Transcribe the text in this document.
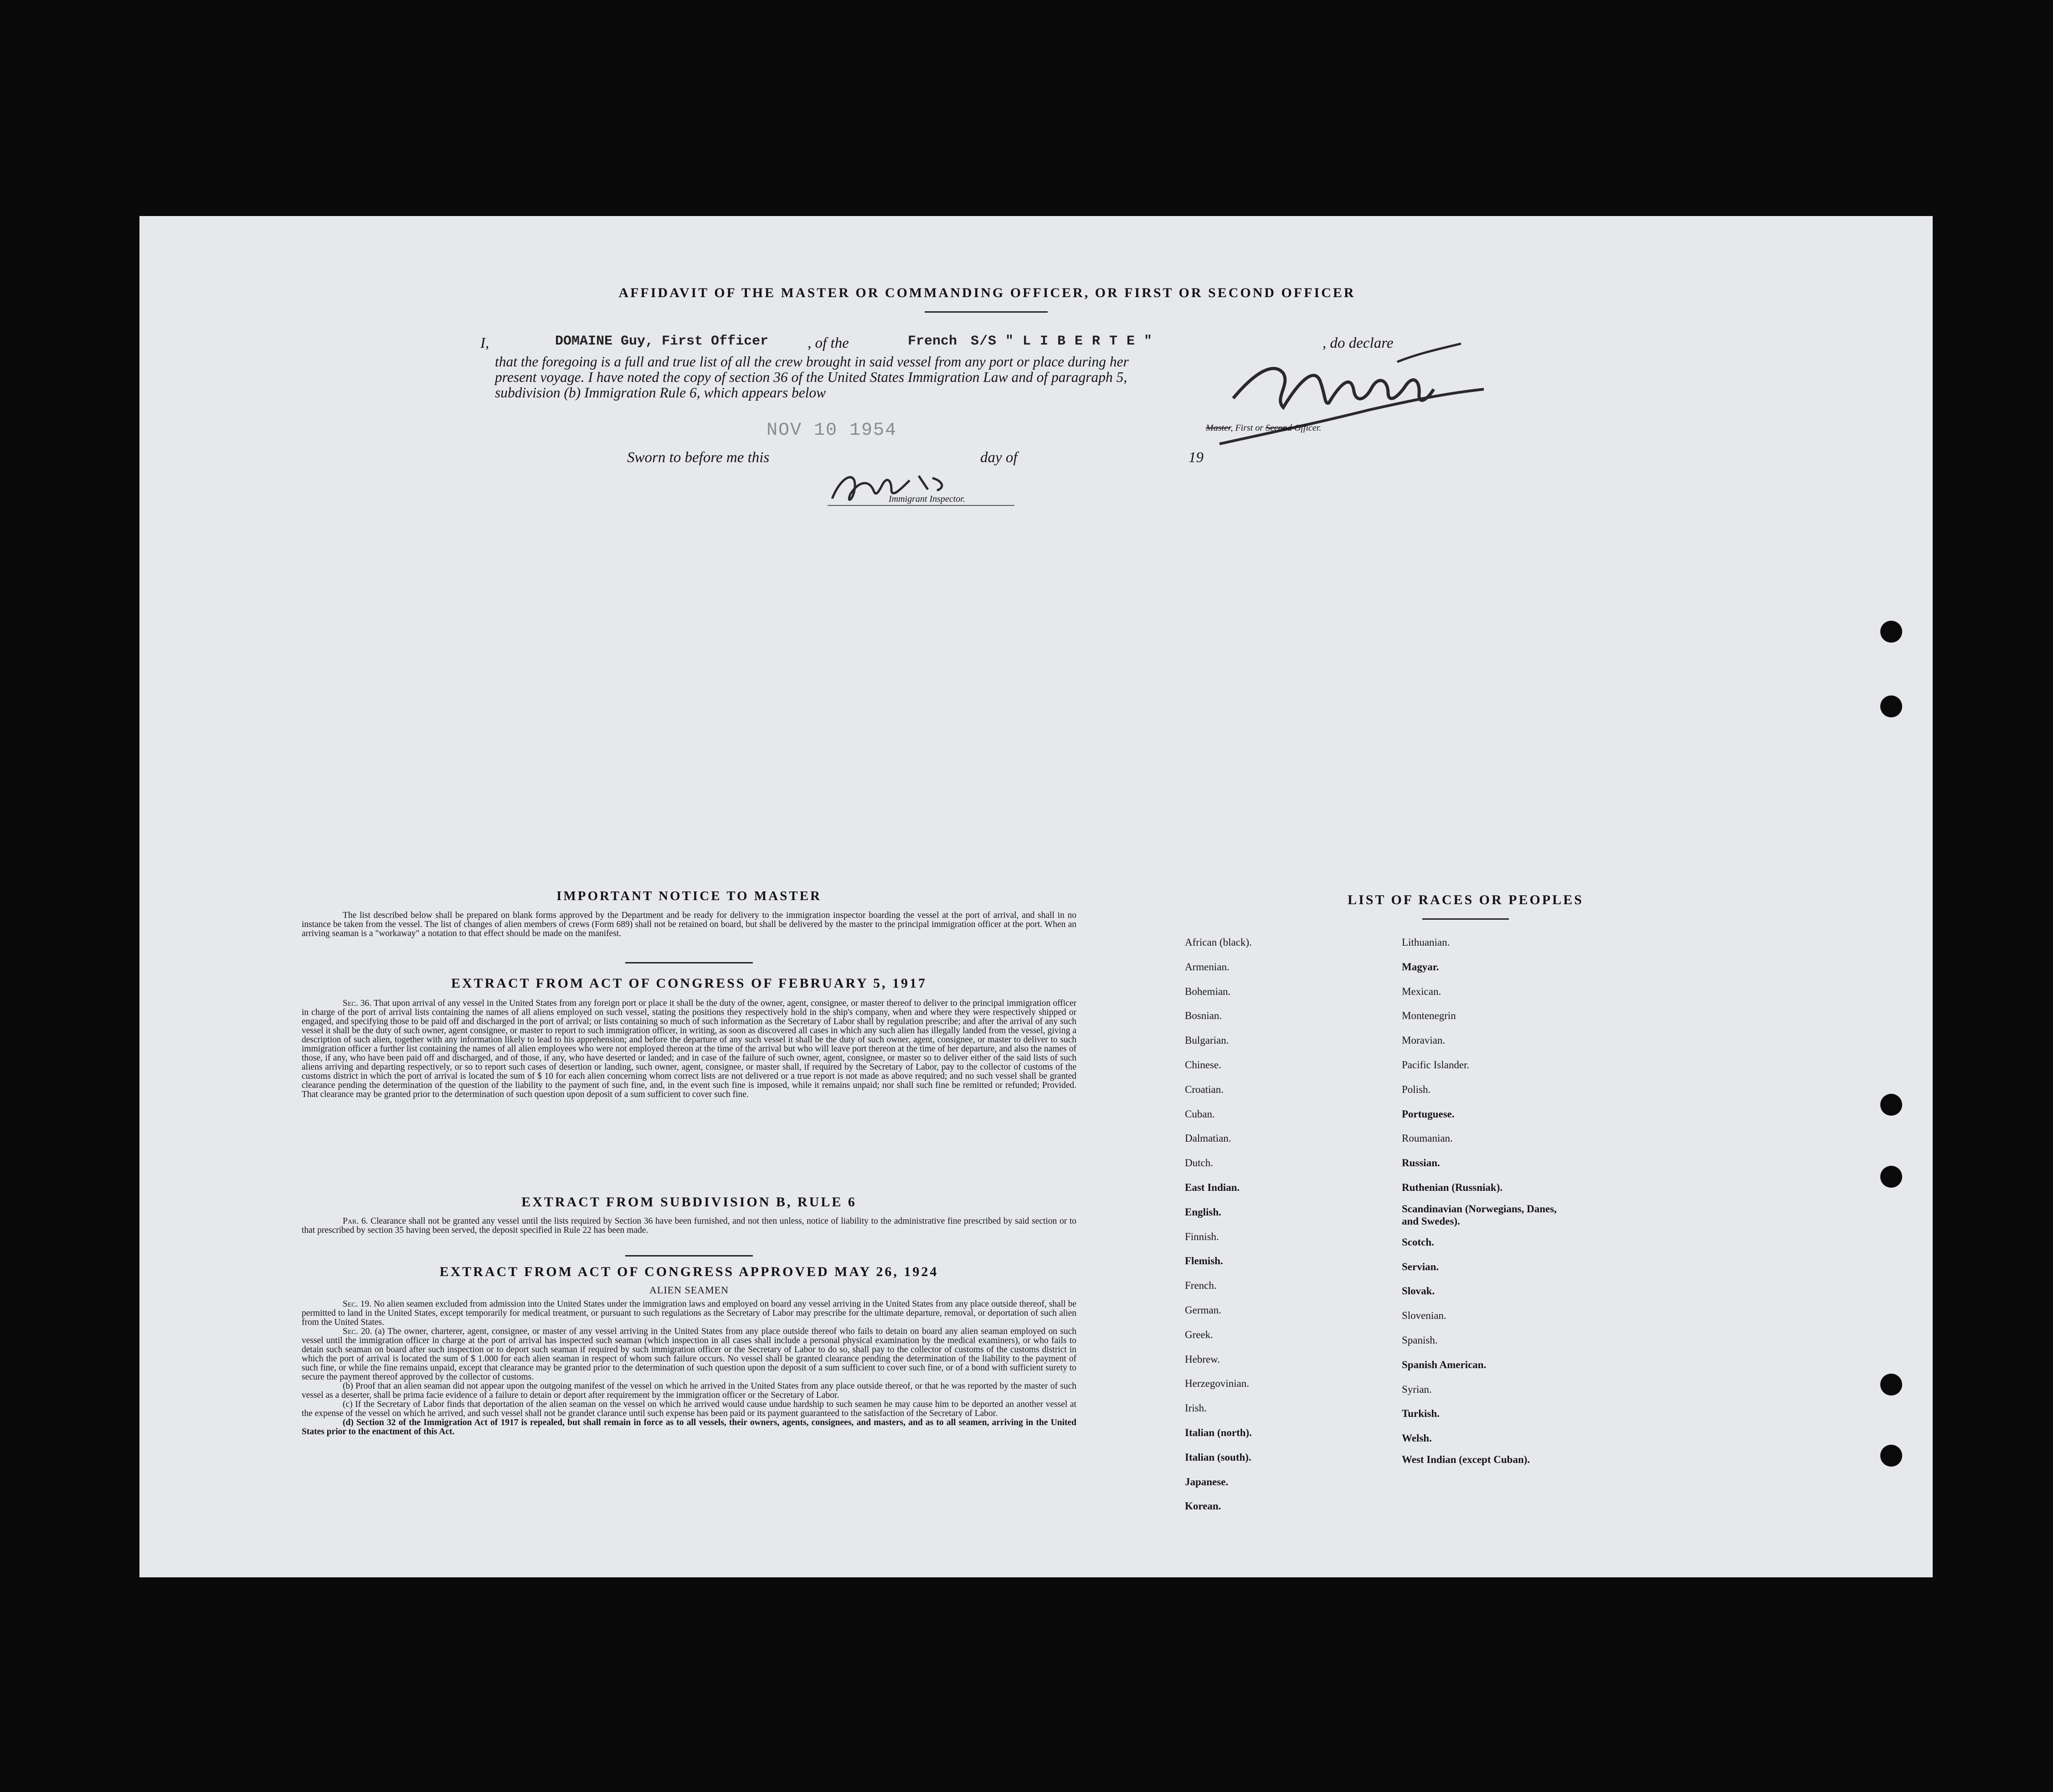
AFFIDAVIT OF THE MASTER OR COMMANDING OFFICER, OR FIRST OR SECOND OFFICER
I,	DOMAINE Guy, First Officer	, of the	French S/S " L I B E R T E "	, do declare
that the foregoing is a full and true list of all the crew brought in said vessel from any port or place during her
present voyage. I have noted the copy of section 36 of the United States Immigration Law and of paragraph 5,
subdivision (b) Immigration Rule 6, which appears below
Master, First or Second Officer.
NOV 10 1954
Sworn to before me this	day of	19
Immigrant Inspector.
IMPORTANT NOTICE TO MASTER

The list described below shall be prepared on blank forms approved by the Department and be ready for delivery to the immigration inspector boarding the vessel at the port of arrival, and shall in no instance be taken from the vessel. The list of changes of alien members of crews (Form 689) shall not be retained on board, but shall be delivered by the master to the principal immigration officer at the port. When an arriving seaman is a "workaway" a notation to that effect should be made on the manifest.

EXTRACT FROM ACT OF CONGRESS OF FEBRUARY 5, 1917

Sec. 36. That upon arrival of any vessel in the United States from any foreign port or place it shall be the duty of the owner, agent, consignee, or master thereof to deliver to the principal immigration officer in charge of the port of arrival lists containing the names of all aliens employed on such vessel, stating the positions they respectively hold in the ship's company, when and where they were respectively shipped or engaged, and specifying those to be paid off and discharged in the port of arrival; or lists containing so much of such information as the Secretary of Labor shall by regulation prescribe; and after the arrival of any such vessel it shall be the duty of such owner, agent consignee, or master to report to such immigration officer, in writing, as soon as discovered all cases in which any such alien has illegally landed from the vessel, giving a description of such alien, together with any information likely to lead to his apprehension; and before the departure of any such vessel it shall be the duty of such owner, agent, consignee, or master to deliver to such immigration officer a further list containing the names of all alien employees who were not employed thereon at the time of the arrival but who will leave port thereon at the time of her departure, and also the names of those, if any, who have been paid off and discharged, and of those, if any, who have deserted or landed; and in case of the failure of such owner, agent, consignee, or master so to deliver either of the said lists of such aliens arriving and departing respectively, or so to report such cases of desertion or landing, such owner, agent, consignee, or master shall, if required by the Secretary of Labor, pay to the collector of customs of the customs district in which the port of arrival is located the sum of $ 10 for each alien concerning whom correct lists are not delivered or a true report is not made as above required; and no such vessel shall be granted clearance pending the determination of the question of the liability to the payment of such fine, and, in the event such fine is imposed, while it remains unpaid; nor shall such fine be remitted or refunded; Provided. That clearance may be granted prior to the determination of such question upon deposit of a sum sufficient to cover such fine.

EXTRACT FROM SUBDIVISION B, RULE 6

Par. 6. Clearance shall not be granted any vessel until the lists required by Section 36 have been furnished, and not then unless, notice of liability to the administrative fine prescribed by said section or to that prescribed by section 35 having been served, the deposit specified in Rule 22 has been made.

EXTRACT FROM ACT OF CONGRESS APPROVED MAY 26, 1924
ALIEN SEAMEN

Sec. 19. No alien seamen excluded from admission into the United States under the immigration laws and employed on board any vessel arriving in the United States from any place outside thereof, shall be permitted to land in the United States, except temporarily for medical treatment, or pursuant to such regulations as the Secretary of Labor may prescribe for the ultimate departure, removal, or deportation of such alien from the United States.

Sec. 20. (a) The owner, charterer, agent, consignee, or master of any vessel arriving in the United States from any place outside thereof who fails to detain on board any alien seaman employed on such vessel until the immigration officer in charge at the port of arrival has inspected such seaman (which inspection in all cases shall include a personal physical examination by the medical examiners), or who fails to detain such seaman on board after such inspection or to deport such seaman if required by such immigration officer or the Secretary of Labor to do so, shall pay to the collector of customs of the customs district in which the port of arrival is located the sum of $ 1.000 for each alien seaman in respect of whom such failure occurs. No vessel shall be granted clearance pending the determination of the liability to the payment of such fine, or while the fine remains unpaid, except that clearance may be granted prior to the determination of such question upon the deposit of a sum sufficient to cover such fine, or of a bond with sufficient surety to secure the payment thereof approved by the collector of customs.

(b) Proof that an alien seaman did not appear upon the outgoing manifest of the vessel on which he arrived in the United States from any place outside thereof, or that he was reported by the master of such vessel as a deserter, shall be prima facie evidence of a failure to detain or deport after requirement by the immigration officer or the Secretary of Labor.

(c) If the Secretary of Labor finds that deportation of the alien seaman on the vessel on which he arrived would cause undue hardship to such seamen he may cause him to be deported an another vessel at the expense of the vessel on which he arrived, and such vessel shall not be grandet clarance until such expense has been paid or its payment guaranteed to the satisfaction of the Secretary of Labor.

(d) Section 32 of the Immigration Act of 1917 is repealed, but shall remain in force as to all vessels, their owners, agents, consignees, and masters, and as to all seamen, arriving in the United States prior to the enactment of this Act.

LIST OF RACES OR PEOPLES
African (black).
Armenian.
Bohemian.
Bosnian.
Bulgarian.
Chinese.
Croatian.
Cuban.
Dalmatian.
Dutch.
East Indian.
English.
Finnish.
Flemish.
French.
German.
Greek.
Hebrew.
Herzegovinian.
Irish.
Italian (north).
Italian (south).
Japanese.
Korean.
Lithuanian.
Magyar.
Mexican.
Montenegrin
Moravian.
Pacific Islander.
Polish.
Portuguese.
Roumanian.
Russian.
Ruthenian (Russniak).
Scandinavian (Norwegians, Danes, and Swedes).
Scotch.
Servian.
Slovak.
Slovenian.
Spanish.
Spanish American.
Syrian.
Turkish.
Welsh.
West Indian (except Cuban).
